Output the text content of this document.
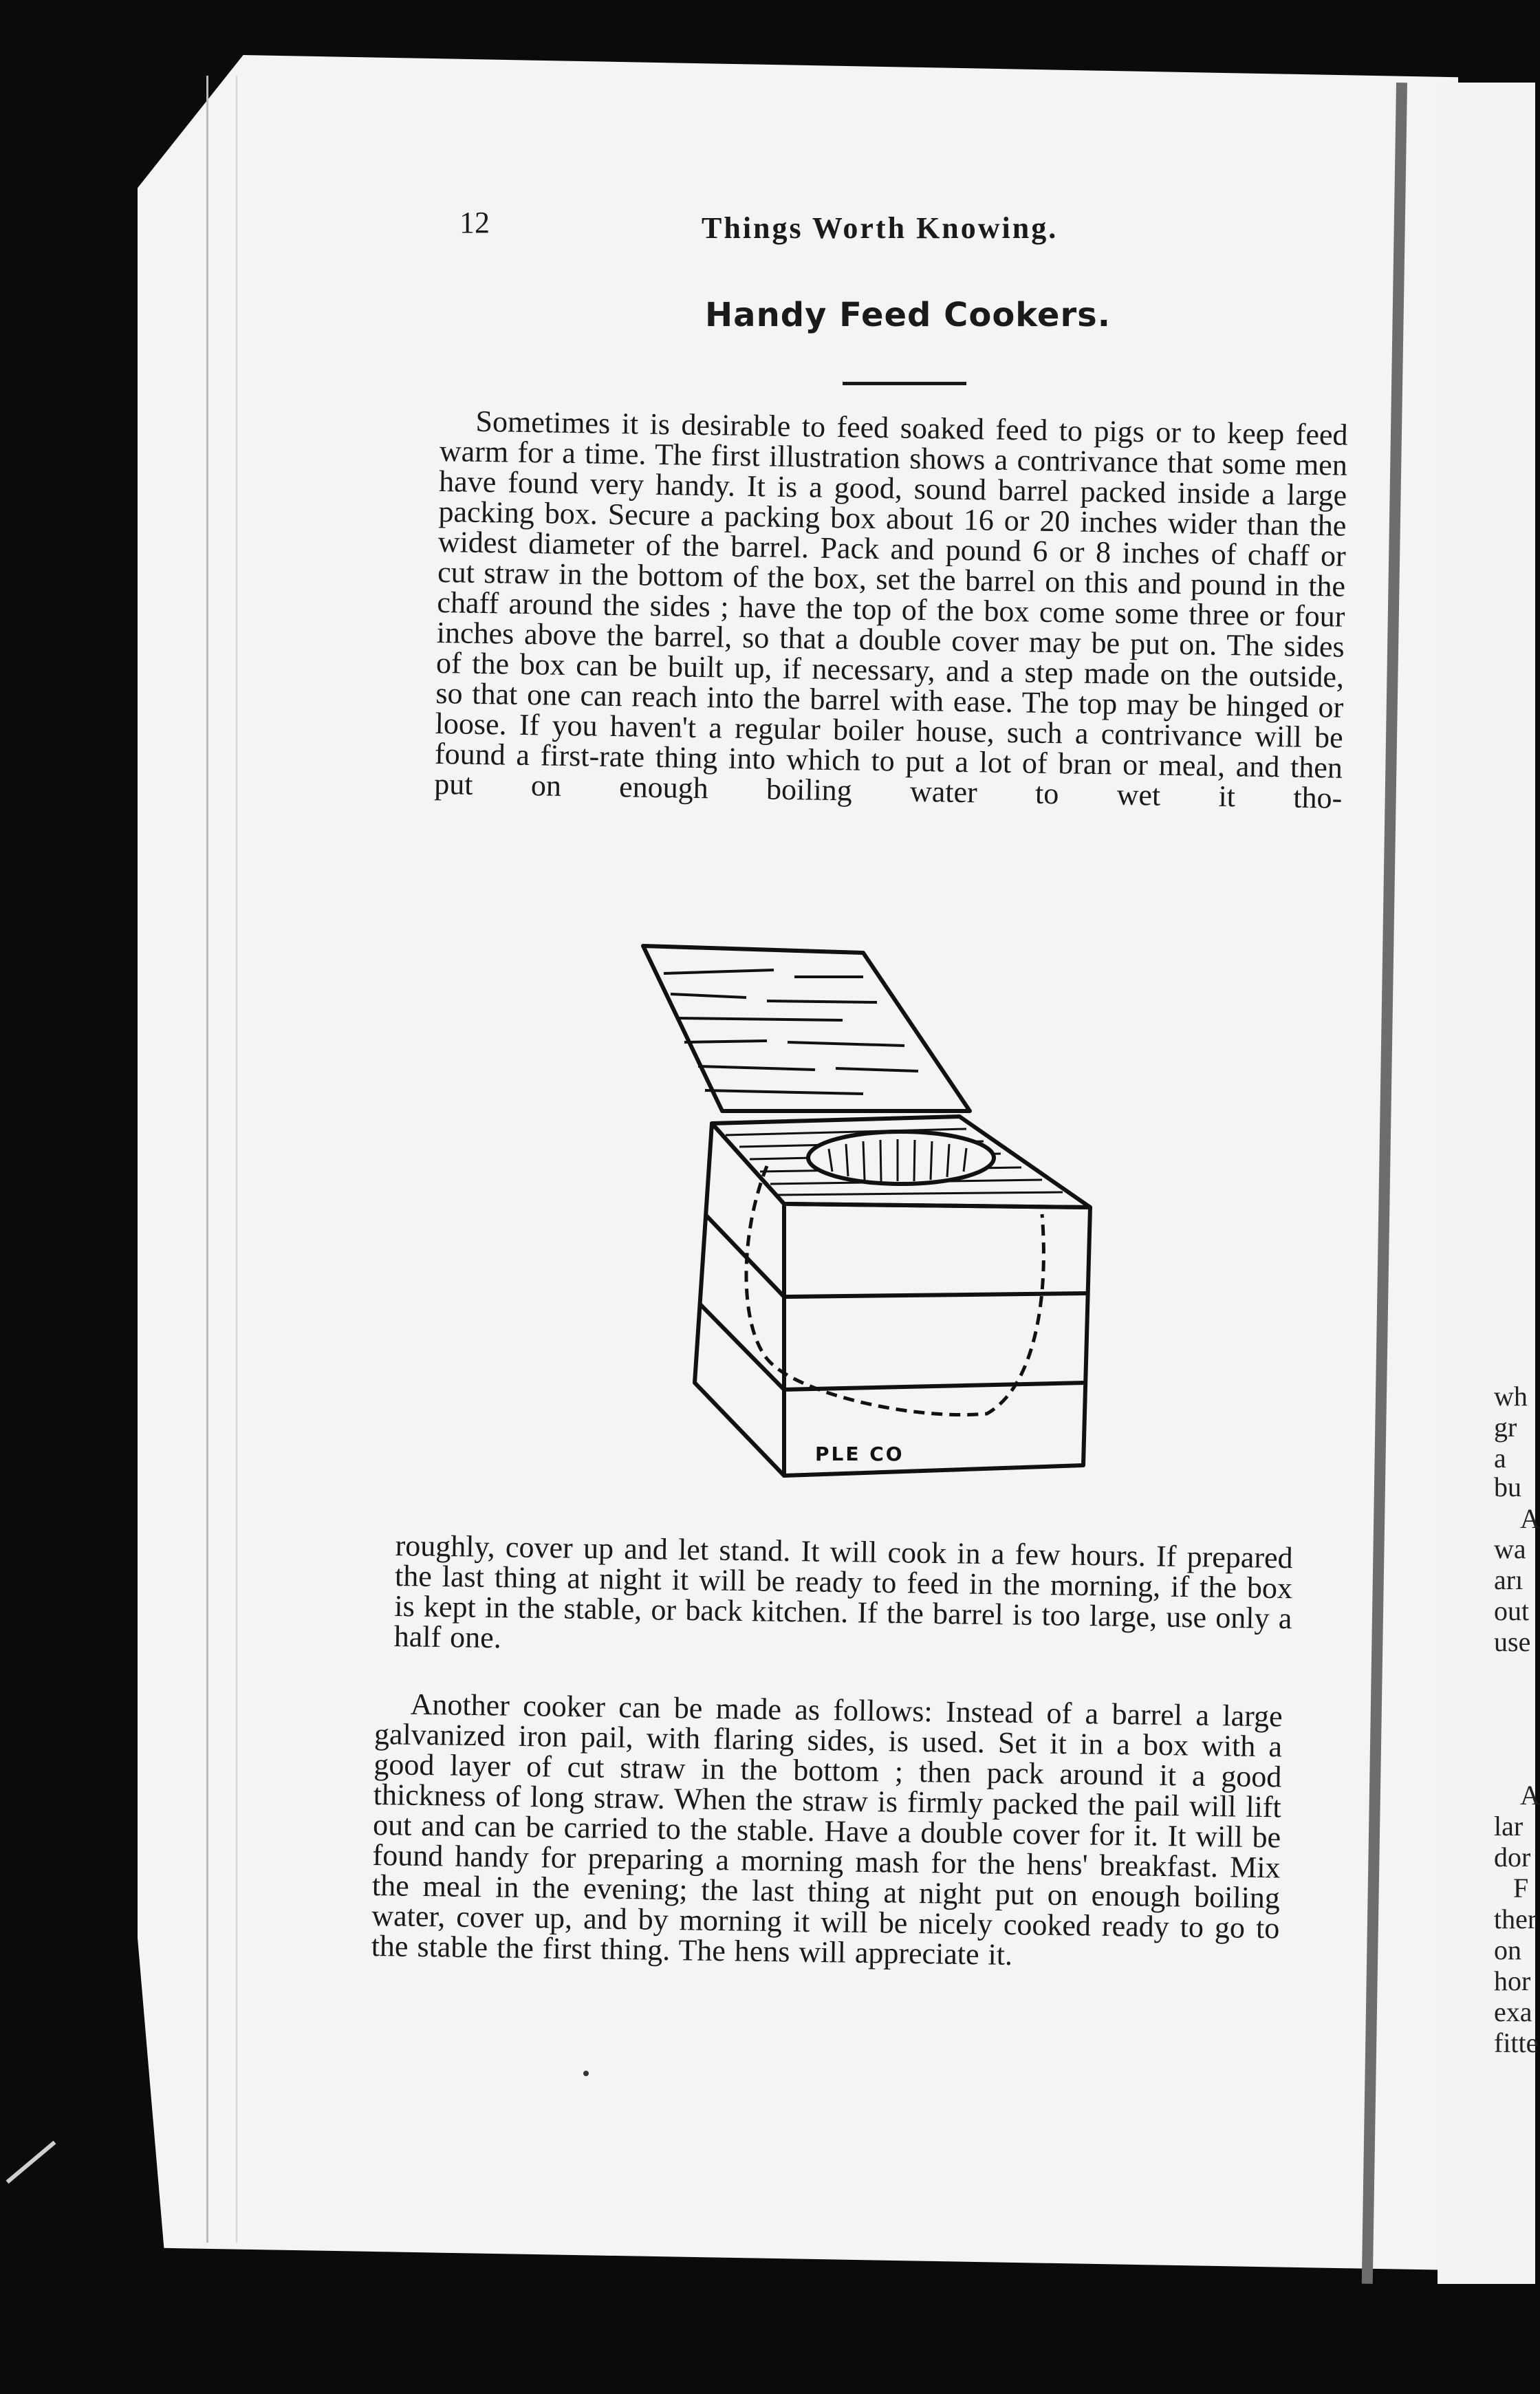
12	Things Worth Knowing.
Handy Feed Cookers.

Sometimes it is desirable to feed soaked feed to pigs or to keep feed warm for a time. The first illustration shows a contrivance that some men have found very handy. It is a good, sound barrel packed inside a large packing box. Secure a packing box about 16 or 20 inches wider than the widest diameter of the barrel. Pack and pound 6 or 8 inches of chaff or cut straw in the bottom of the box, set the barrel on this and pound in the chaff around the sides ; have the top of the box come some three or four inches above the barrel, so that a double cover may be put on. The sides of the box can be built up, if necessary, and a step made on the outside, so that one can reach into the barrel with ease. The top may be hinged or loose. If you haven't a regular boiler house, such a contrivance will be found a first-rate thing into which to put a lot of bran or meal, and then put on enough boiling water to wet it tho-

PLE CO

roughly, cover up and let stand. It will cook in a few hours. If prepared the last thing at night it will be ready to feed in the morning, if the box is kept in the stable, or back kitchen. If the barrel is too large, use only a half one.

Another cooker can be made as follows: Instead of a barrel a large galvanized iron pail, with flaring sides, is used. Set it in a box with a good layer of cut straw in the bottom ; then pack around it a good thickness of long straw. When the straw is firmly packed the pail will lift out and can be carried to the stable. Have a double cover for it. It will be found handy for preparing a morning mash for the hens' breakfast. Mix the meal in the evening; the last thing at night put on enough boiling water, cover up, and by morning it will be nicely cooked ready to go to the stable the first thing. The hens will appreciate it.

wh
gr
a
bu
A
wa
arı
out
use
A
lar
dor
F
ther
on
hor
exa
fitte
